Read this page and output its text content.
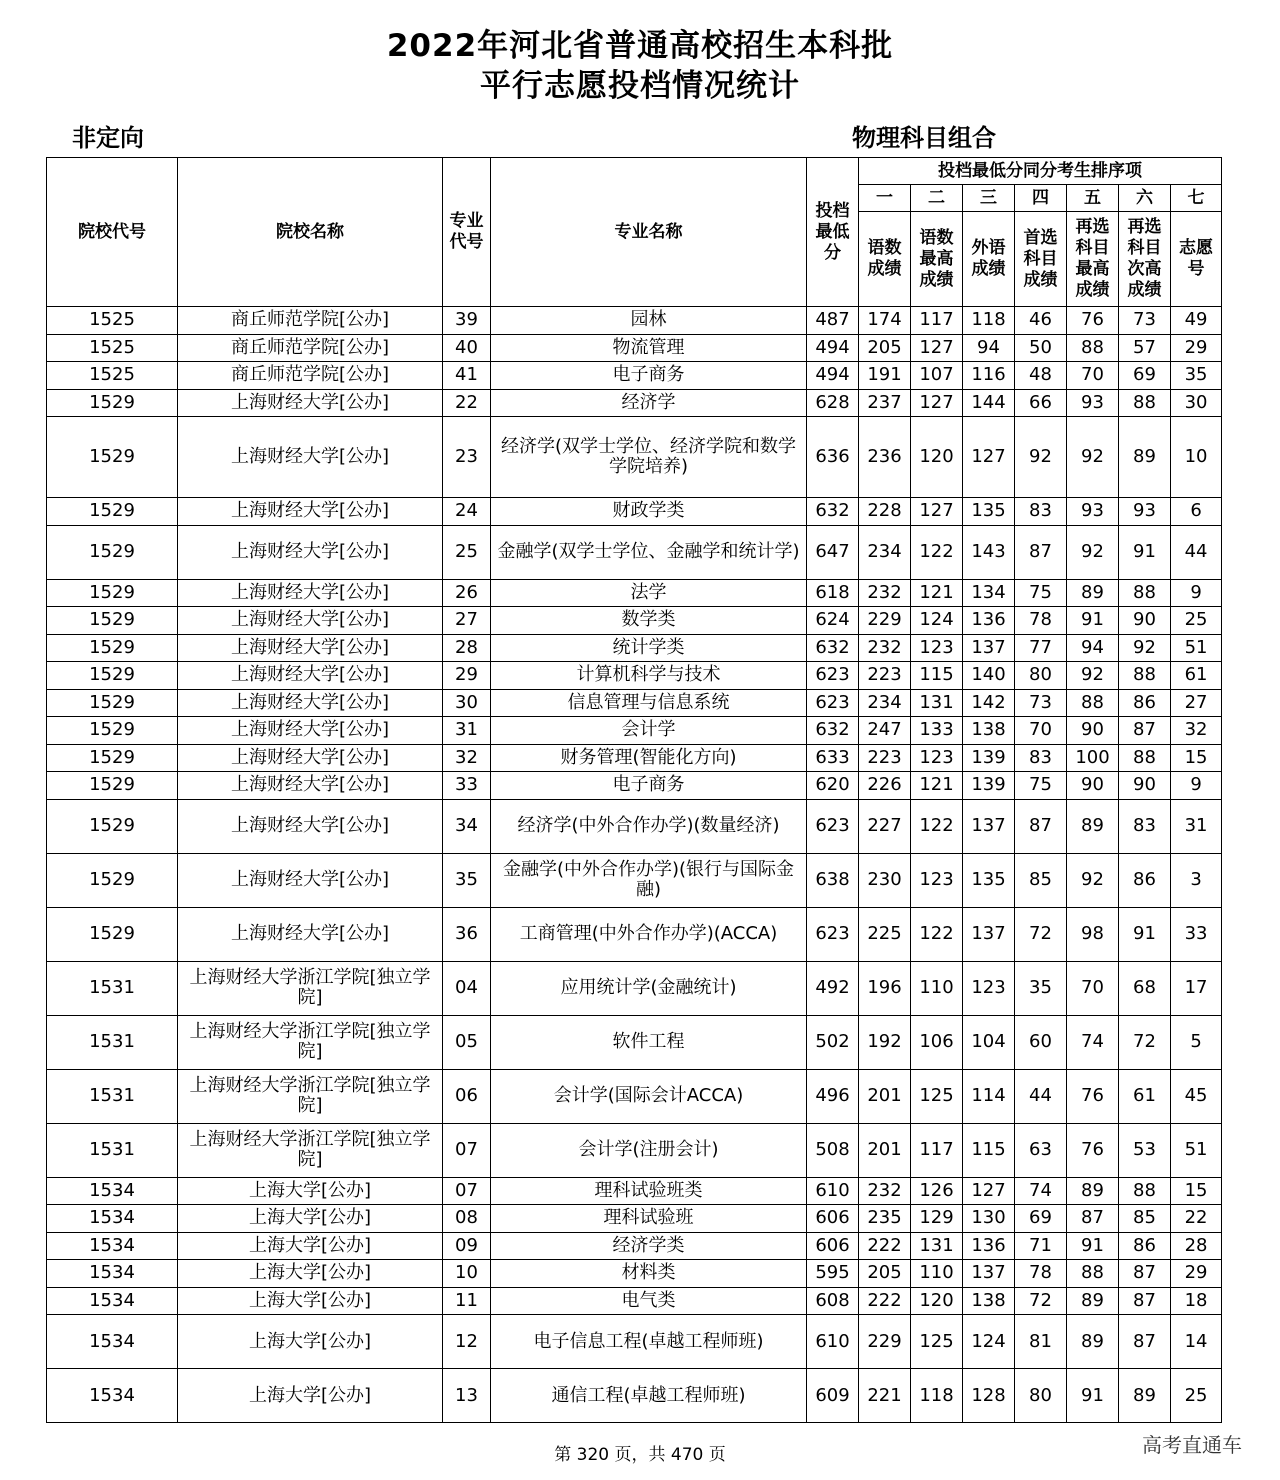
2022年河北省普通高校招生本科批
平行志愿投档情况统计
非定向	物理科目组合
院校代号	院校名称	专业代号	专业名称	投档最低分	投档最低分同分考生排序项						
					一	二	三	四	五	六	七
					语数成绩	语数最高成绩	外语成绩	首选科目成绩	再选科目最高成绩	再选科目次高成绩	志愿号
1525	商丘师范学院[公办]	39	园林	487	174	117	118	46	76	73	49
1525	商丘师范学院[公办]	40	物流管理	494	205	127	94	50	88	57	29
1525	商丘师范学院[公办]	41	电子商务	494	191	107	116	48	70	69	35
1529	上海财经大学[公办]	22	经济学	628	237	127	144	66	93	88	30
1529	上海财经大学[公办]	23	经济学(双学士学位、经济学院和数学学院培养)	636	236	120	127	92	92	89	10
1529	上海财经大学[公办]	24	财政学类	632	228	127	135	83	93	93	6
1529	上海财经大学[公办]	25	金融学(双学士学位、金融学和统计学)	647	234	122	143	87	92	91	44
1529	上海财经大学[公办]	26	法学	618	232	121	134	75	89	88	9
1529	上海财经大学[公办]	27	数学类	624	229	124	136	78	91	90	25
1529	上海财经大学[公办]	28	统计学类	632	232	123	137	77	94	92	51
1529	上海财经大学[公办]	29	计算机科学与技术	623	223	115	140	80	92	88	61
1529	上海财经大学[公办]	30	信息管理与信息系统	623	234	131	142	73	88	86	27
1529	上海财经大学[公办]	31	会计学	632	247	133	138	70	90	87	32
1529	上海财经大学[公办]	32	财务管理(智能化方向)	633	223	123	139	83	100	88	15
1529	上海财经大学[公办]	33	电子商务	620	226	121	139	75	90	90	9
1529	上海财经大学[公办]	34	经济学(中外合作办学)(数量经济)	623	227	122	137	87	89	83	31
1529	上海财经大学[公办]	35	金融学(中外合作办学)(银行与国际金融)	638	230	123	135	85	92	86	3
1529	上海财经大学[公办]	36	工商管理(中外合作办学)(ACCA)	623	225	122	137	72	98	91	33
1531	上海财经大学浙江学院[独立学院]	04	应用统计学(金融统计)	492	196	110	123	35	70	68	17
1531	上海财经大学浙江学院[独立学院]	05	软件工程	502	192	106	104	60	74	72	5
1531	上海财经大学浙江学院[独立学院]	06	会计学(国际会计ACCA)	496	201	125	114	44	76	61	45
1531	上海财经大学浙江学院[独立学院]	07	会计学(注册会计)	508	201	117	115	63	76	53	51
1534	上海大学[公办]	07	理科试验班类	610	232	126	127	74	89	88	15
1534	上海大学[公办]	08	理科试验班	606	235	129	130	69	87	85	22
1534	上海大学[公办]	09	经济学类	606	222	131	136	71	91	86	28
1534	上海大学[公办]	10	材料类	595	205	110	137	78	88	87	29
1534	上海大学[公办]	11	电气类	608	222	120	138	72	89	87	18
1534	上海大学[公办]	12	电子信息工程(卓越工程师班)	610	229	125	124	81	89	87	14
1534	上海大学[公办]	13	通信工程(卓越工程师班)	609	221	118	128	80	91	89	25
第 320 页，共 470 页	高考直通车
